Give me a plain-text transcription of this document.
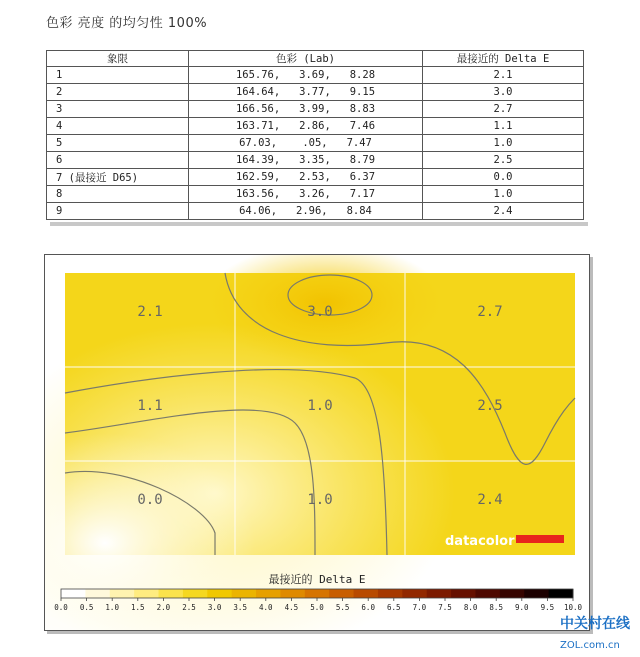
色彩 亮度 的均匀性 100%
象限	色彩 (Lab)	最接近的 Delta E
1	165.76,   3.69,   8.28	2.1
2	164.64,   3.77,   9.15	3.0
3	166.56,   3.99,   8.83	2.7
4	163.71,   2.86,   7.46	1.1
5	67.03,    .05,   7.47	1.0
6	164.39,   3.35,   8.79	2.5
7 (最接近 D65)	162.59,   2.53,   6.37	0.0
8	163.56,   3.26,   7.17	1.0
9	64.06,   2.96,   8.84	2.4
2.1	3.0	2.7
1.1	1.0	2.5
0.0	1.0	2.4
datacolor
最接近的 Delta E
0.0 0.5 1.0 1.5 2.0 2.5 3.0 3.5 4.0 4.5 5.0 5.5 6.0 6.5 7.0 7.5 8.0 8.5 9.0 9.5 10.0
中关村在线
ZOL.com.cn
